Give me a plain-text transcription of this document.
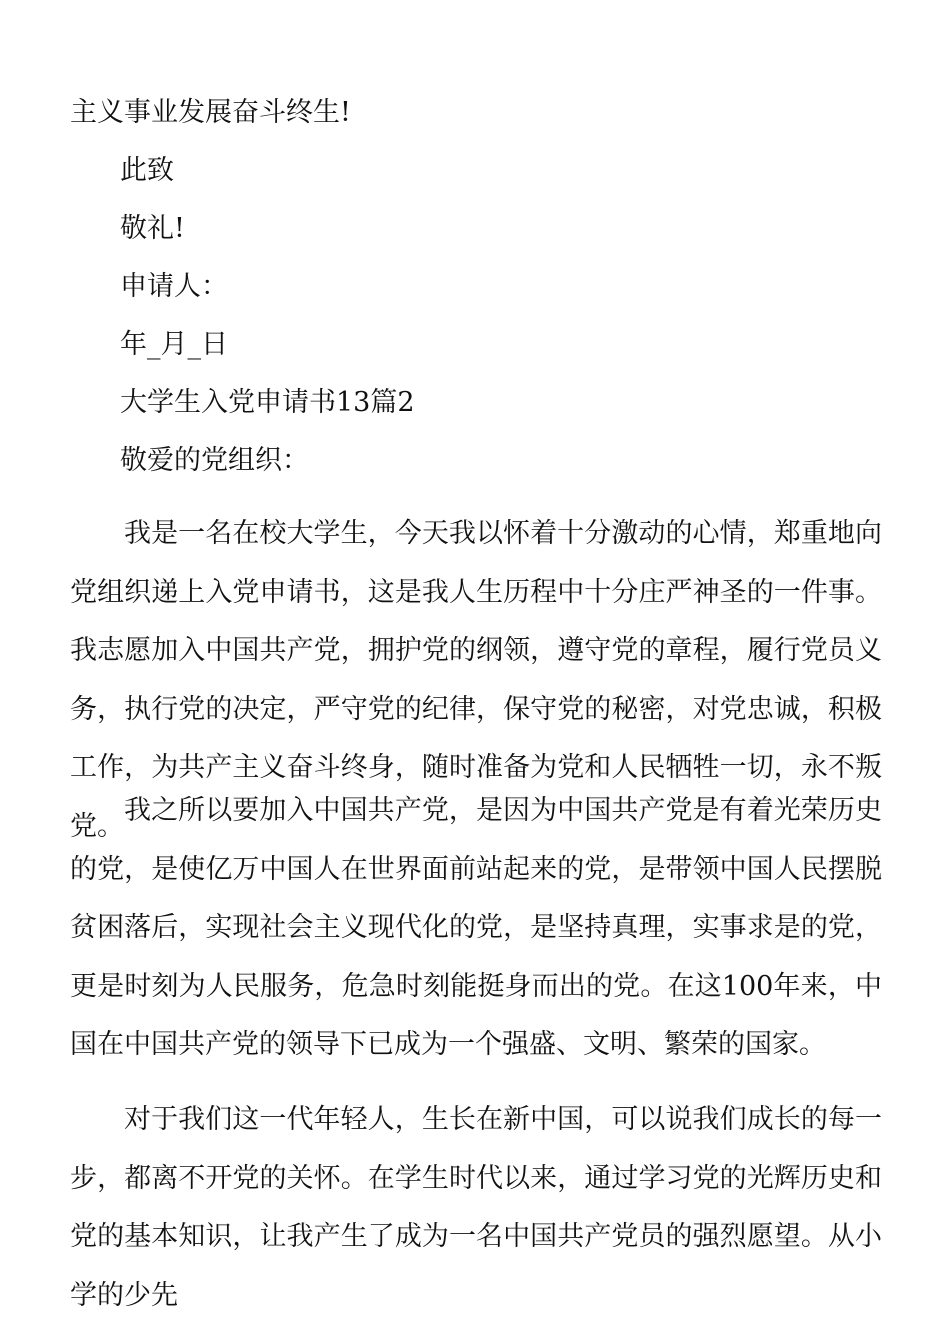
主义事业发展奋斗终生!
此致
敬礼!
申请人：
年_月_日
大学生入党申请书13篇2
敬爱的党组织：

我是一名在校大学生，今天我以怀着十分激动的心情，郑重地向党组织递上入党申请书，这是我人生历程中十分庄严神圣的一件事。我志愿加入中国共产党，拥护党的纲领，遵守党的章程，履行党员义务，执行党的决定，严守党的纪律，保守党的秘密，对党忠诚，积极工作，为共产主义奋斗终身，随时准备为党和人民牺牲一切，永不叛党。 我之所以要加入中国共产党，是因为中国共产党是有着光荣历史的党，是使亿万中国人在世界面前站起来的党，是带领中国人民摆脱贫困落后，实现社会主义现代化的党，是坚持真理，实事求是的党，更是时刻为人民服务，危急时刻能挺身而出的党。在这100年来，中国在中国共产党的领导下已成为一个强盛、文明、繁荣的国家。

对于我们这一代年轻人，生长在新中国，可以说我们成长的每一步，都离不开党的关怀。在学生时代以来，通过学习党的光辉历史和党的基本知识，让我产生了成为一名中国共产党员的强烈愿望。从小学的少先
